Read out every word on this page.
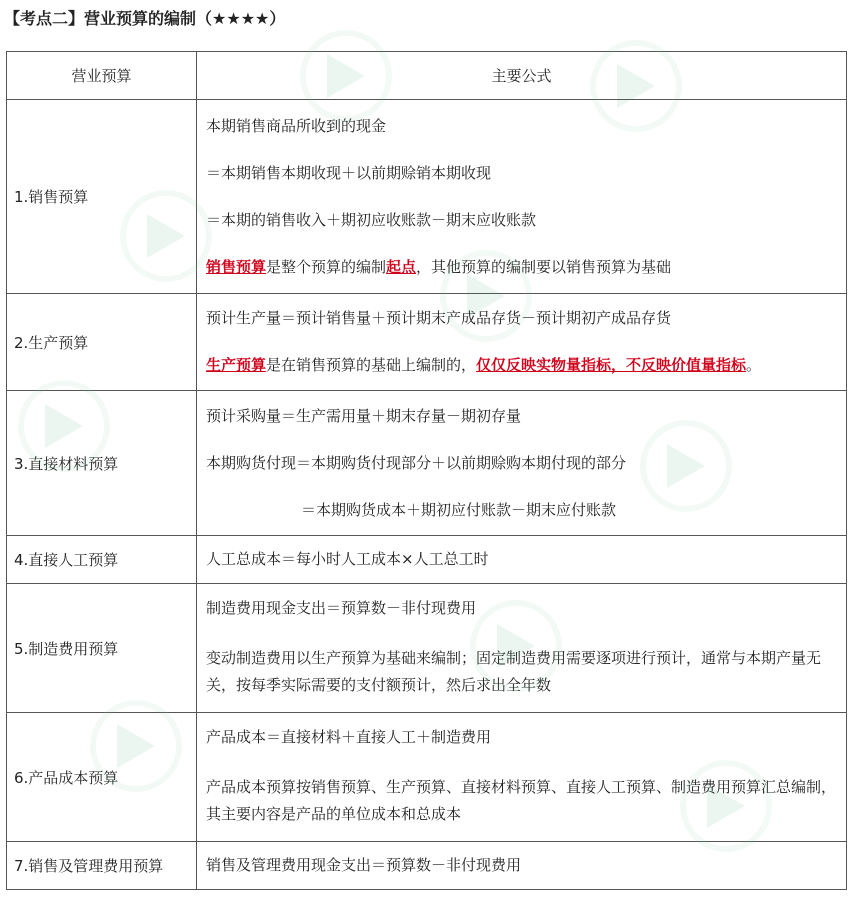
【考点二】营业预算的编制（★★★★）
营业预算	主要公式
1.销售预算	本期销售商品所收到的现金
＝本期销售本期收现＋以前期赊销本期收现
＝本期的销售收入＋期初应收账款－期末应收账款
销售预算是整个预算的编制起点，其他预算的编制要以销售预算为基础

2.生产预算	预计生产量＝预计销售量＋预计期末产成品存货－预计期初产成品存货
生产预算是在销售预算的基础上编制的，仅仅反映实物量指标，不反映价值量指标。

3.直接材料预算	预计采购量＝生产需用量＋期末存量－期初存量
本期购货付现＝本期购货付现部分＋以前期赊购本期付现的部分
＝本期购货成本＋期初应付账款－期末应付账款

4.直接人工预算	人工总成本＝每小时人工成本×人工总工时

5.制造费用预算	制造费用现金支出＝预算数－非付现费用
变动制造费用以生产预算为基础来编制；固定制造费用需要逐项进行预计，通常与本期产量无关，按每季实际需要的支付额预计，然后求出全年数

6.产品成本预算	产品成本＝直接材料＋直接人工＋制造费用
产品成本预算按销售预算、生产预算、直接材料预算、直接人工预算、制造费用预算汇总编制，其主要内容是产品的单位成本和总成本

7.销售及管理费用预算	销售及管理费用现金支出＝预算数－非付现费用
